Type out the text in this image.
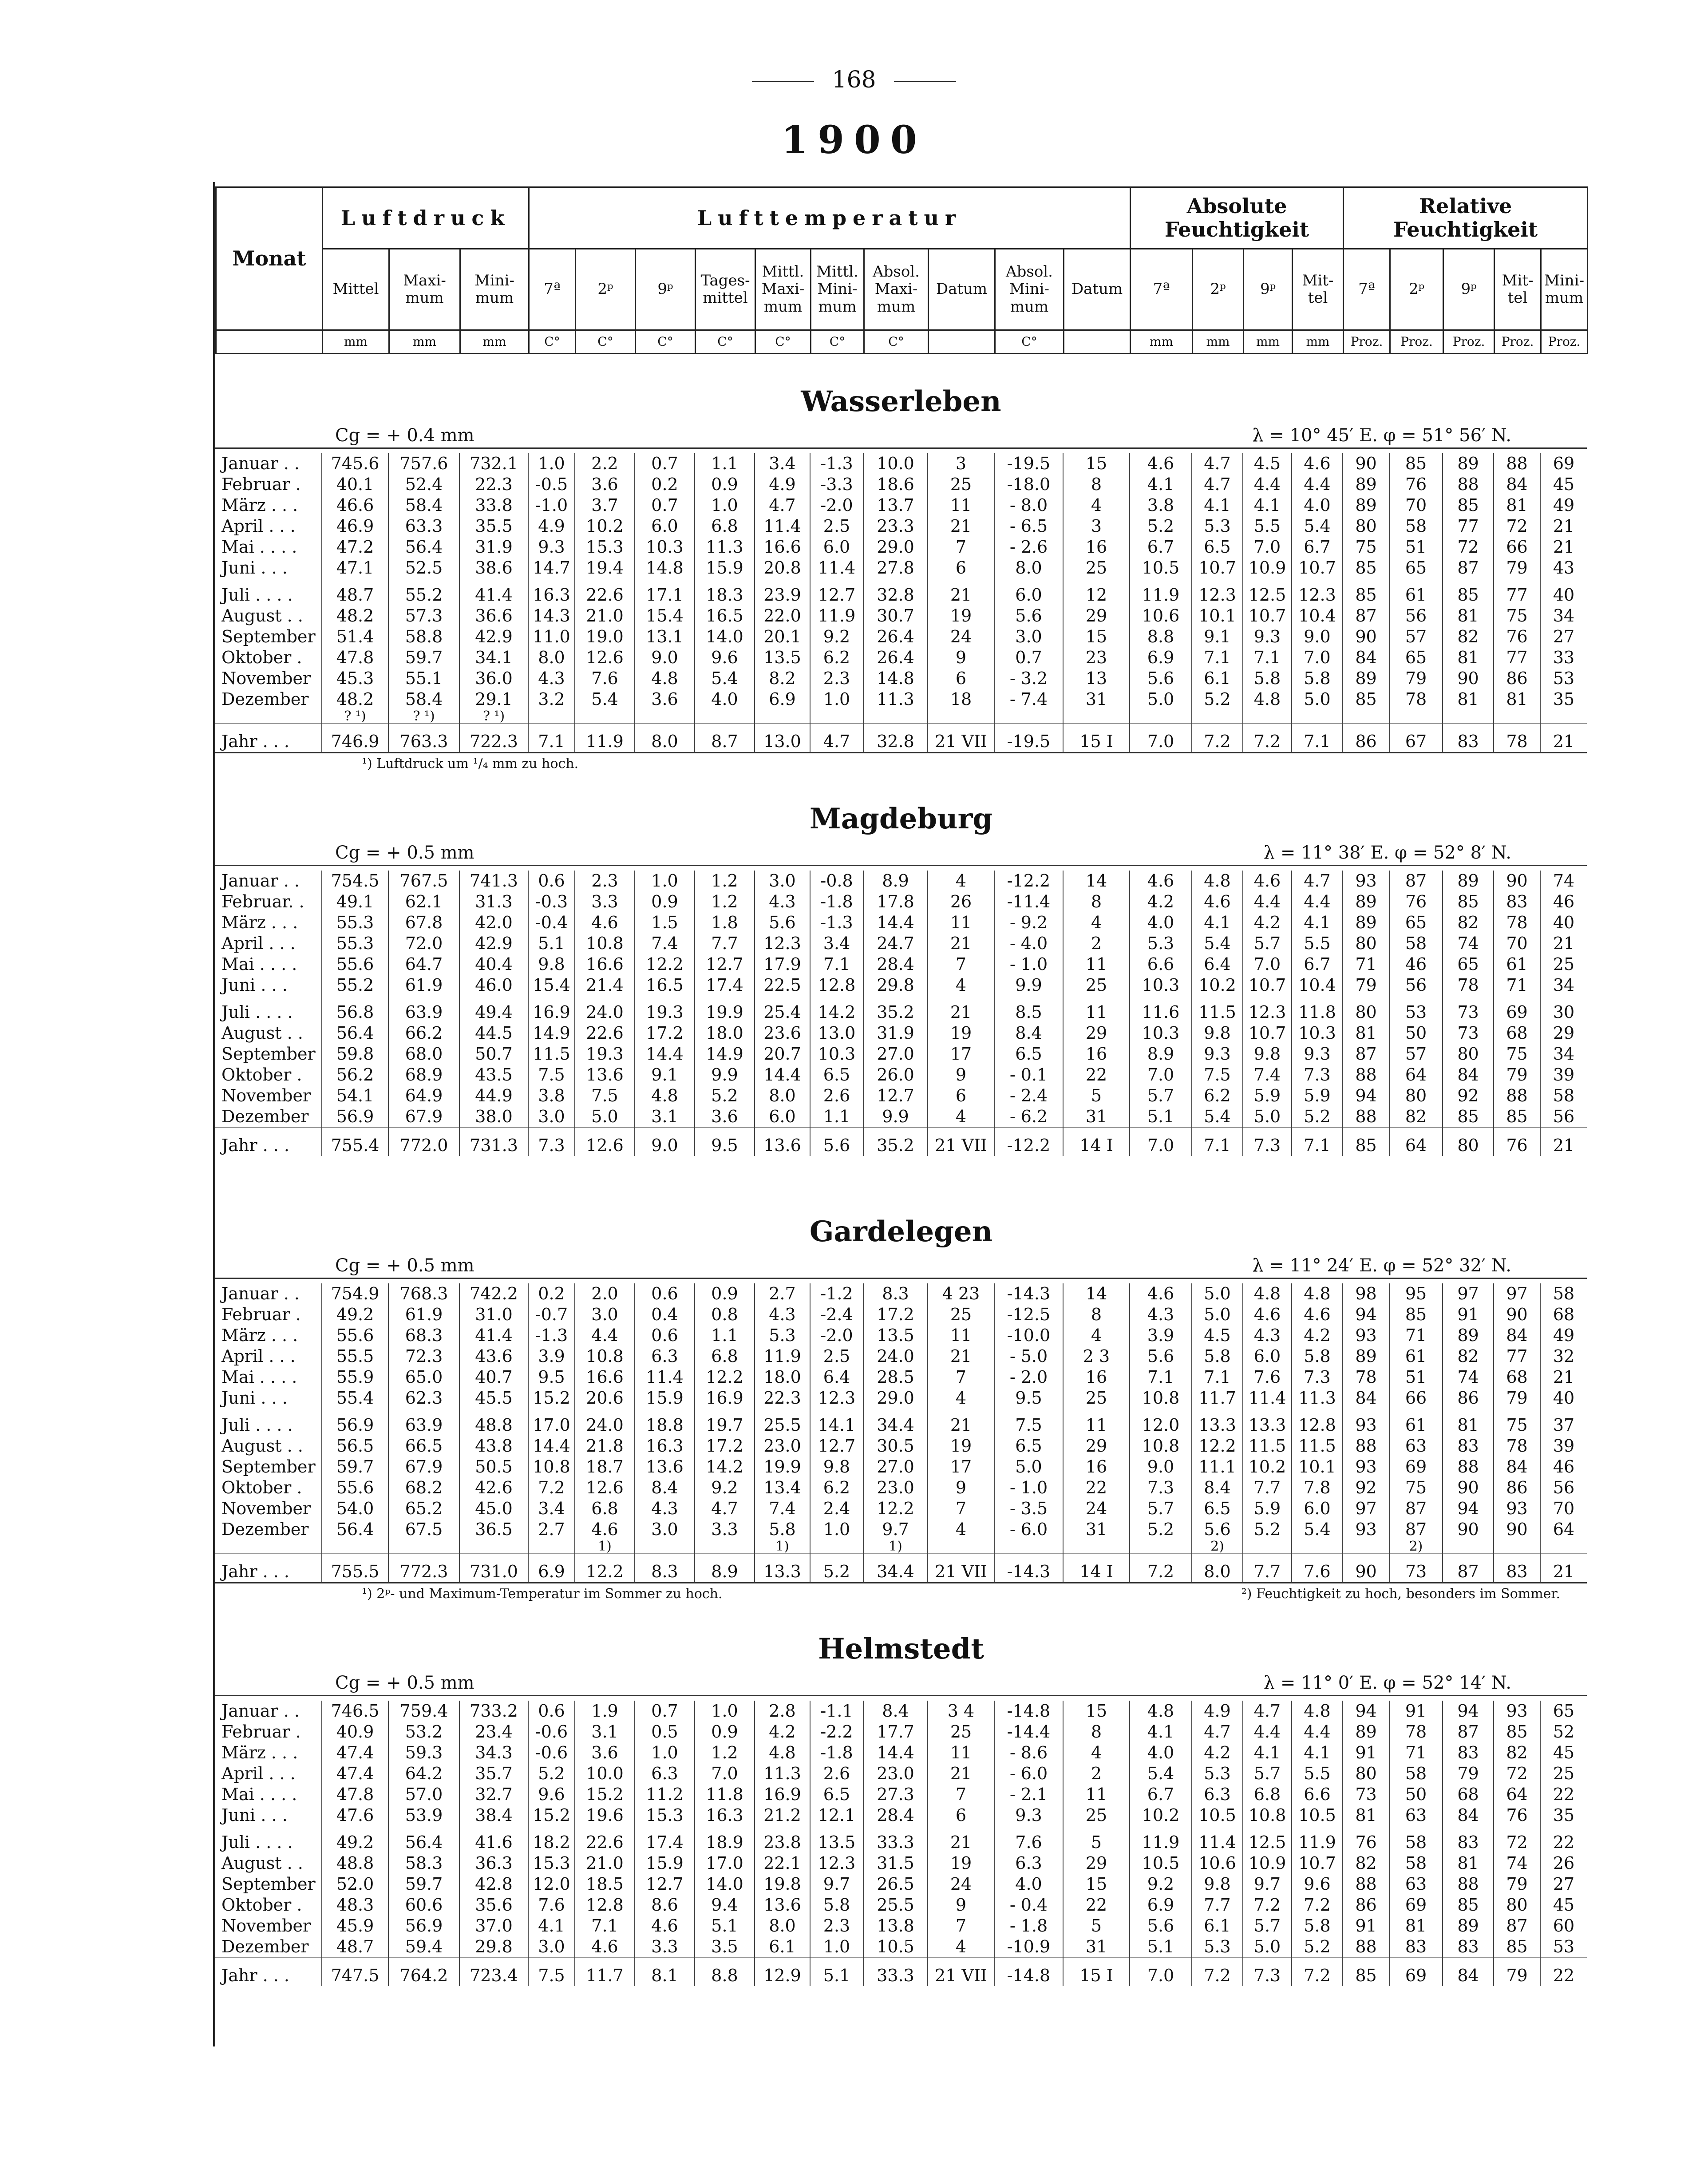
168
1900
Monat	Luftdruck			Lufttemperatur										Absolute Feuchtigkeit				Relative Feuchtigkeit				
	Mittel	Maxi-mum	Mini-mum	7ª	2ᵖ	9ᵖ	Tages-mittel	Mittl. Maxi-mum	Mittl. Mini-mum	Absol. Maxi-mum	Datum	Absol. Mini-mum	Datum	7ª	2ᵖ	9ᵖ	Mit-tel	7ª	2ᵖ	9ᵖ	Mit-tel	Mini-mum
	mm	mm	mm	C°	C°	C°	C°	C°	C°	C°		C°		mm	mm	mm	mm	Proz.	Proz.	Proz.	Proz.	Proz.
Wasserleben
Cg = + 0.4 mm	λ = 10° 45′ E. φ = 51° 56′ N.
Januar . .	745.6	757.6	732.1	1.0	2.2	0.7	1.1	3.4	-1.3	10.0	3	-19.5	15	4.6	4.7	4.5	4.6	90	85	89	88	69
Februar .	40.1	52.4	22.3	-0.5	3.6	0.2	0.9	4.9	-3.3	18.6	25	-18.0	8	4.1	4.7	4.4	4.4	89	76	88	84	45
März . . .	46.6	58.4	33.8	-1.0	3.7	0.7	1.0	4.7	-2.0	13.7	11	- 8.0	4	3.8	4.1	4.1	4.0	89	70	85	81	49
April . . .	46.9	63.3	35.5	4.9	10.2	6.0	6.8	11.4	2.5	23.3	21	- 6.5	3	5.2	5.3	5.5	5.4	80	58	77	72	21
Mai . . . .	47.2	56.4	31.9	9.3	15.3	10.3	11.3	16.6	6.0	29.0	7	- 2.6	16	6.7	6.5	7.0	6.7	75	51	72	66	21
Juni . . .	47.1	52.5	38.6	14.7	19.4	14.8	15.9	20.8	11.4	27.8	6	8.0	25	10.5	10.7	10.9	10.7	85	65	87	79	43
Juli . . . .	48.7	55.2	41.4	16.3	22.6	17.1	18.3	23.9	12.7	32.8	21	6.0	12	11.9	12.3	12.5	12.3	85	61	85	77	40
August . .	48.2	57.3	36.6	14.3	21.0	15.4	16.5	22.0	11.9	30.7	19	5.6	29	10.6	10.1	10.7	10.4	87	56	81	75	34
September	51.4	58.8	42.9	11.0	19.0	13.1	14.0	20.1	9.2	26.4	24	3.0	15	8.8	9.1	9.3	9.0	90	57	82	76	27
Oktober .	47.8	59.7	34.1	8.0	12.6	9.0	9.6	13.5	6.2	26.4	9	0.7	23	6.9	7.1	7.1	7.0	84	65	81	77	33
November	45.3	55.1	36.0	4.3	7.6	4.8	5.4	8.2	2.3	14.8	6	- 3.2	13	5.6	6.1	5.8	5.8	89	79	90	86	53
Dezember	48.2	58.4	29.1	3.2	5.4	3.6	4.0	6.9	1.0	11.3	18	- 7.4	31	5.0	5.2	4.8	5.0	85	78	81	81	35
	? ¹)	? ¹)	? ¹)																			
Jahr . . .	746.9	763.3	722.3	7.1	11.9	8.0	8.7	13.0	4.7	32.8	21 VII	-19.5	15 I	7.0	7.2	7.2	7.1	86	67	83	78	21
¹) Luftdruck um ¹/₄ mm zu hoch.
Magdeburg
Cg = + 0.5 mm	λ = 11° 38′ E. φ = 52° 8′ N.
Januar . .	754.5	767.5	741.3	0.6	2.3	1.0	1.2	3.0	-0.8	8.9	4	-12.2	14	4.6	4.8	4.6	4.7	93	87	89	90	74
Februar. .	49.1	62.1	31.3	-0.3	3.3	0.9	1.2	4.3	-1.8	17.8	26	-11.4	8	4.2	4.6	4.4	4.4	89	76	85	83	46
März . . .	55.3	67.8	42.0	-0.4	4.6	1.5	1.8	5.6	-1.3	14.4	11	- 9.2	4	4.0	4.1	4.2	4.1	89	65	82	78	40
April . . .	55.3	72.0	42.9	5.1	10.8	7.4	7.7	12.3	3.4	24.7	21	- 4.0	2	5.3	5.4	5.7	5.5	80	58	74	70	21
Mai . . . .	55.6	64.7	40.4	9.8	16.6	12.2	12.7	17.9	7.1	28.4	7	- 1.0	11	6.6	6.4	7.0	6.7	71	46	65	61	25
Juni . . .	55.2	61.9	46.0	15.4	21.4	16.5	17.4	22.5	12.8	29.8	4	9.9	25	10.3	10.2	10.7	10.4	79	56	78	71	34
Juli . . . .	56.8	63.9	49.4	16.9	24.0	19.3	19.9	25.4	14.2	35.2	21	8.5	11	11.6	11.5	12.3	11.8	80	53	73	69	30
August . .	56.4	66.2	44.5	14.9	22.6	17.2	18.0	23.6	13.0	31.9	19	8.4	29	10.3	9.8	10.7	10.3	81	50	73	68	29
September	59.8	68.0	50.7	11.5	19.3	14.4	14.9	20.7	10.3	27.0	17	6.5	16	8.9	9.3	9.8	9.3	87	57	80	75	34
Oktober .	56.2	68.9	43.5	7.5	13.6	9.1	9.9	14.4	6.5	26.0	9	- 0.1	22	7.0	7.5	7.4	7.3	88	64	84	79	39
November	54.1	64.9	44.9	3.8	7.5	4.8	5.2	8.0	2.6	12.7	6	- 2.4	5	5.7	6.2	5.9	5.9	94	80	92	88	58
Dezember	56.9	67.9	38.0	3.0	5.0	3.1	3.6	6.0	1.1	9.9	4	- 6.2	31	5.1	5.4	5.0	5.2	88	82	85	85	56
Jahr . . .	755.4	772.0	731.3	7.3	12.6	9.0	9.5	13.6	5.6	35.2	21 VII	-12.2	14 I	7.0	7.1	7.3	7.1	85	64	80	76	21
Gardelegen
Cg = + 0.5 mm	λ = 11° 24′ E. φ = 52° 32′ N.
Januar . .	754.9	768.3	742.2	0.2	2.0	0.6	0.9	2.7	-1.2	8.3	4 23	-14.3	14	4.6	5.0	4.8	4.8	98	95	97	97	58
Februar .	49.2	61.9	31.0	-0.7	3.0	0.4	0.8	4.3	-2.4	17.2	25	-12.5	8	4.3	5.0	4.6	4.6	94	85	91	90	68
März . . .	55.6	68.3	41.4	-1.3	4.4	0.6	1.1	5.3	-2.0	13.5	11	-10.0	4	3.9	4.5	4.3	4.2	93	71	89	84	49
April . . .	55.5	72.3	43.6	3.9	10.8	6.3	6.8	11.9	2.5	24.0	21	- 5.0	2 3	5.6	5.8	6.0	5.8	89	61	82	77	32
Mai . . . .	55.9	65.0	40.7	9.5	16.6	11.4	12.2	18.0	6.4	28.5	7	- 2.0	16	7.1	7.1	7.6	7.3	78	51	74	68	21
Juni . . .	55.4	62.3	45.5	15.2	20.6	15.9	16.9	22.3	12.3	29.0	4	9.5	25	10.8	11.7	11.4	11.3	84	66	86	79	40
Juli . . . .	56.9	63.9	48.8	17.0	24.0	18.8	19.7	25.5	14.1	34.4	21	7.5	11	12.0	13.3	13.3	12.8	93	61	81	75	37
August . .	56.5	66.5	43.8	14.4	21.8	16.3	17.2	23.0	12.7	30.5	19	6.5	29	10.8	12.2	11.5	11.5	88	63	83	78	39
September	59.7	67.9	50.5	10.8	18.7	13.6	14.2	19.9	9.8	27.0	17	5.0	16	9.0	11.1	10.2	10.1	93	69	88	84	46
Oktober .	55.6	68.2	42.6	7.2	12.6	8.4	9.2	13.4	6.2	23.0	9	- 1.0	22	7.3	8.4	7.7	7.8	92	75	90	86	56
November	54.0	65.2	45.0	3.4	6.8	4.3	4.7	7.4	2.4	12.2	7	- 3.5	24	5.7	6.5	5.9	6.0	97	87	94	93	70
Dezember	56.4	67.5	36.5	2.7	4.6	3.0	3.3	5.8	1.0	9.7	4	- 6.0	31	5.2	5.6	5.2	5.4	93	87	90	90	64
					1)			1)		1)					2)				2)			
Jahr . . .	755.5	772.3	731.0	6.9	12.2	8.3	8.9	13.3	5.2	34.4	21 VII	-14.3	14 I	7.2	8.0	7.7	7.6	90	73	87	83	21
¹) 2ᵖ- und Maximum-Temperatur im Sommer zu hoch.	²) Feuchtigkeit zu hoch, besonders im Sommer.
Helmstedt
Cg = + 0.5 mm	λ = 11° 0′ E. φ = 52° 14′ N.
Januar . .	746.5	759.4	733.2	0.6	1.9	0.7	1.0	2.8	-1.1	8.4	3 4	-14.8	15	4.8	4.9	4.7	4.8	94	91	94	93	65
Februar .	40.9	53.2	23.4	-0.6	3.1	0.5	0.9	4.2	-2.2	17.7	25	-14.4	8	4.1	4.7	4.4	4.4	89	78	87	85	52
März . . .	47.4	59.3	34.3	-0.6	3.6	1.0	1.2	4.8	-1.8	14.4	11	- 8.6	4	4.0	4.2	4.1	4.1	91	71	83	82	45
April . . .	47.4	64.2	35.7	5.2	10.0	6.3	7.0	11.3	2.6	23.0	21	- 6.0	2	5.4	5.3	5.7	5.5	80	58	79	72	25
Mai . . . .	47.8	57.0	32.7	9.6	15.2	11.2	11.8	16.9	6.5	27.3	7	- 2.1	11	6.7	6.3	6.8	6.6	73	50	68	64	22
Juni . . .	47.6	53.9	38.4	15.2	19.6	15.3	16.3	21.2	12.1	28.4	6	9.3	25	10.2	10.5	10.8	10.5	81	63	84	76	35
Juli . . . .	49.2	56.4	41.6	18.2	22.6	17.4	18.9	23.8	13.5	33.3	21	7.6	5	11.9	11.4	12.5	11.9	76	58	83	72	22
August . .	48.8	58.3	36.3	15.3	21.0	15.9	17.0	22.1	12.3	31.5	19	6.3	29	10.5	10.6	10.9	10.7	82	58	81	74	26
September	52.0	59.7	42.8	12.0	18.5	12.7	14.0	19.8	9.7	26.5	24	4.0	15	9.2	9.8	9.7	9.6	88	63	88	79	27
Oktober .	48.3	60.6	35.6	7.6	12.8	8.6	9.4	13.6	5.8	25.5	9	- 0.4	22	6.9	7.7	7.2	7.2	86	69	85	80	45
November	45.9	56.9	37.0	4.1	7.1	4.6	5.1	8.0	2.3	13.8	7	- 1.8	5	5.6	6.1	5.7	5.8	91	81	89	87	60
Dezember	48.7	59.4	29.8	3.0	4.6	3.3	3.5	6.1	1.0	10.5	4	-10.9	31	5.1	5.3	5.0	5.2	88	83	83	85	53
Jahr . . .	747.5	764.2	723.4	7.5	11.7	8.1	8.8	12.9	5.1	33.3	21 VII	-14.8	15 I	7.0	7.2	7.3	7.2	85	69	84	79	22
